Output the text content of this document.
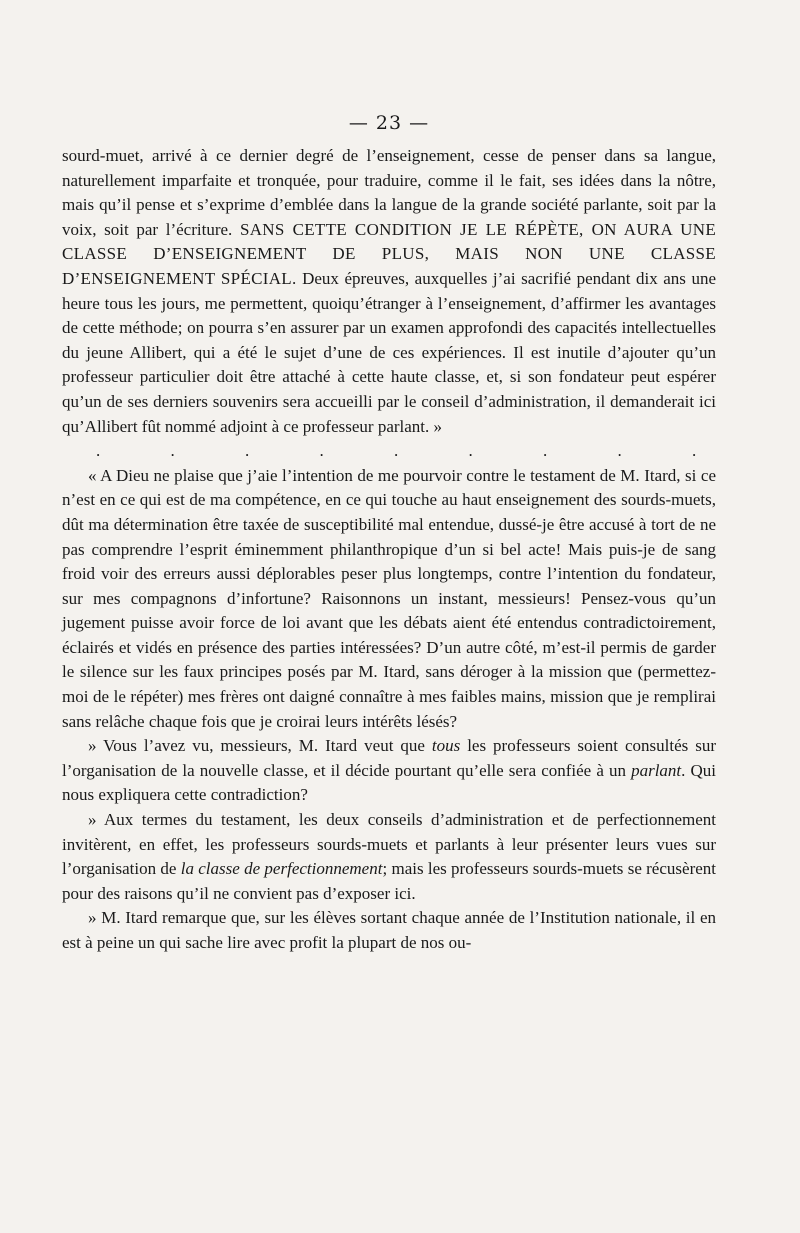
— 23 —

sourd-muet, arrivé à ce dernier degré de l’enseignement, cesse de penser dans sa langue, naturellement imparfaite et tronquée, pour traduire, comme il le fait, ses idées dans la nôtre, mais qu’il pense et s’exprime d’emblée dans la langue de la grande société parlante, soit par la voix, soit par l’écriture. SANS CETTE CONDITION JE LE RÉPÈTE, ON AURA UNE CLASSE D’ENSEIGNEMENT DE PLUS, MAIS NON UNE CLASSE D’ENSEIGNEMENT SPÉCIAL. Deux épreuves, auxquelles j’ai sacrifié pendant dix ans une heure tous les jours, me permettent, quoiqu’étranger à l’enseignement, d’affirmer les avantages de cette méthode; on pourra s’en assurer par un examen approfondi des capacités intellectuelles du jeune Allibert, qui a été le sujet d’une de ces expériences. Il est inutile d’ajouter qu’un professeur particulier doit être attaché à cette haute classe, et, si son fondateur peut espérer qu’un de ses derniers souvenirs sera accueilli par le conseil d’administration, il demanderait ici qu’Allibert fût nommé adjoint à ce professeur parlant. »

. . . . . . . . .

« A Dieu ne plaise que j’aie l’intention de me pourvoir contre le testament de M. Itard, si ce n’est en ce qui est de ma compétence, en ce qui touche au haut enseignement des sourds-muets, dût ma détermination être taxée de susceptibilité mal entendue, dussé-je être accusé à tort de ne pas comprendre l’esprit éminemment philanthropique d’un si bel acte! Mais puis-je de sang froid voir des erreurs aussi déplorables peser plus longtemps, contre l’intention du fondateur, sur mes compagnons d’infortune? Raisonnons un instant, messieurs! Pensez-vous qu’un jugement puisse avoir force de loi avant que les débats aient été entendus contradictoirement, éclairés et vidés en présence des parties intéressées? D’un autre côté, m’est-il permis de garder le silence sur les faux principes posés par M. Itard, sans déroger à la mission que (permettez-moi de le répéter) mes frères ont daigné connaître à mes faibles mains, mission que je remplirai sans relâche chaque fois que je croirai leurs intérêts lésés?

» Vous l’avez vu, messieurs, M. Itard veut que tous les professeurs soient consultés sur l’organisation de la nouvelle classe, et il décide pourtant qu’elle sera confiée à un parlant. Qui nous expliquera cette contradiction?

» Aux termes du testament, les deux conseils d’administration et de perfectionnement invitèrent, en effet, les professeurs sourds-muets et parlants à leur présenter leurs vues sur l’organisation de la classe de perfectionnement; mais les professeurs sourds-muets se récusèrent pour des raisons qu’il ne convient pas d’exposer ici.

» M. Itard remarque que, sur les élèves sortant chaque année de l’Institution nationale, il en est à peine un qui sache lire avec profit la plupart de nos ou-
